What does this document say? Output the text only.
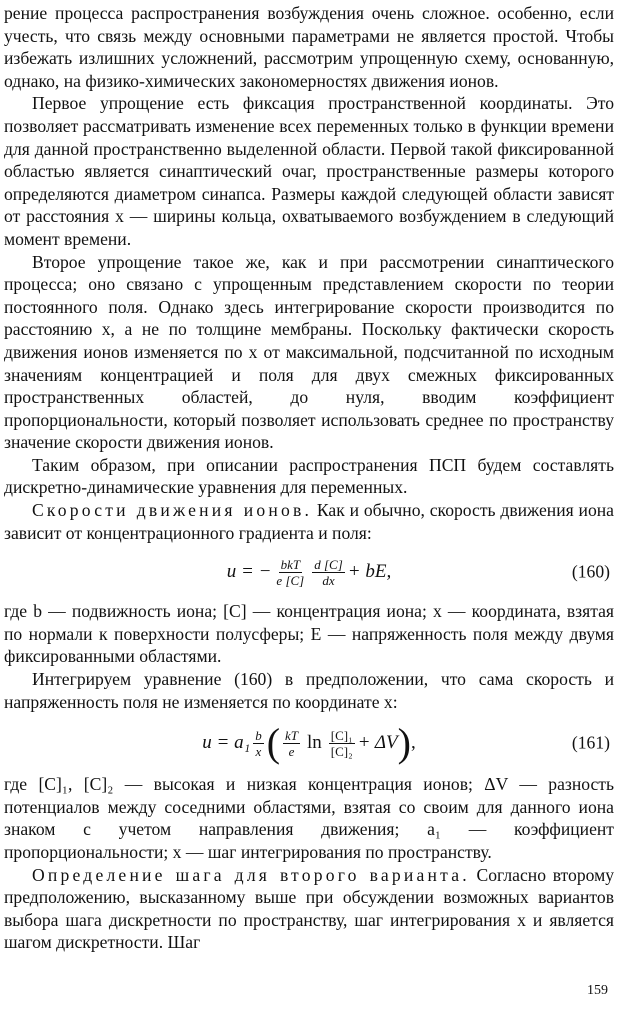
рение процесса распространения возбуждения очень сложное. особенно, если учесть, что связь между основными параметрами не является простой. Чтобы избежать излишних усложнений, рассмотрим упрощенную схему, основанную, однако, на физико-химических закономерностях движения ионов.

Первое упрощение есть фиксация пространственной координаты. Это позволяет рассматривать изменение всех переменных только в функции времени для данной пространственно выделенной области. Первой такой фиксированной областью является синаптический очаг, пространственные размеры которого определяются диаметром синапса. Размеры каждой следующей области зависят от расстояния x — ширины кольца, охватываемого возбуждением в следующий момент времени.

Второе упрощение такое же, как и при рассмотрении синаптического процесса; оно связано с упрощенным представлением скорости по теории постоянного поля. Однако здесь интегрирование скорости производится по расстоянию x, а не по толщине мембраны. Поскольку фактически скорость движения ионов изменяется по x от максимальной, подсчитанной по исходным значениям концентрацией и поля для двух смежных фиксированных пространственных областей, до нуля, вводим коэффициент пропорциональности, который позволяет использовать среднее по пространству значение скорости движения ионов.

Таким образом, при описании распространения ПСП будем составлять дискретно-динамические уравнения для переменных.

Скорости движения ионов. Как и обычно, скорость движения иона зависит от концентрационного градиента и поля:

u = − $\frac{\text{bkT}}{e [C]} \frac{d [C]}{dx}$ + bE,	(160)

где b — подвижность иона; [C] — концентрация иона; x — координата, взятая по нормали к поверхности полусферы; E — напряженность поля между двумя фиксированными областями.

Интегрируем уравнение (160) в предположении, что сама скорость и напряженность поля не изменяется по координате x:

$u = a_1 \frac{b}{x}$ ( $\frac{kT}{e}$ $\ln \frac{\text{[C]₁}}{\text{[C]₂}} + \Delta V$ ) ,	(161)

где [C]₁, [C]₂ — высокая и низкая концентрация ионов; ΔV — разность потенциалов между соседними областями, взятая со своим для данного иона знаком с учетом направления движения; a₁ — коэффициент пропорциональности; x — шаг интегрирования по пространству.

Определение шага для второго варианта. Согласно второму предположению, высказанному выше при обсуждении возможных вариантов выбора шага дискретности по пространству, шаг интегрирования x и является шагом дискретности. Шаг

159
